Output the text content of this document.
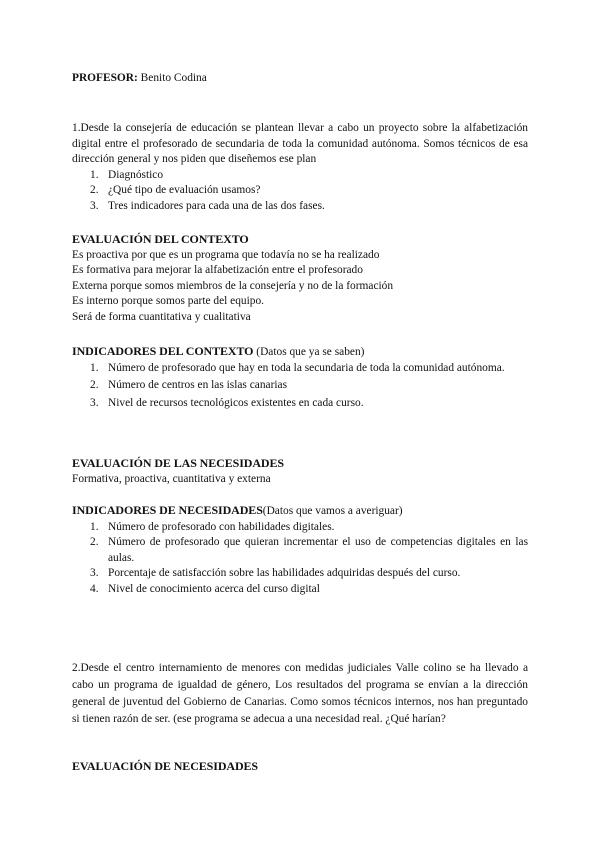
PROFESOR: Benito Codina

1.Desde la consejería de educación se plantean llevar a cabo un proyecto sobre la alfabetización digital entre el profesorado de secundaria de toda la comunidad autónoma. Somos técnicos de esa dirección general y nos piden que diseñemos ese plan

1. Diagnóstico
2. ¿Qué tipo de evaluación usamos?
3. Tres indicadores para cada una de las dos fases.

EVALUACIÓN DEL CONTEXTO

Es proactiva por que es un programa que todavía no se ha realizado

Es formativa para mejorar la alfabetización entre el profesorado

Externa porque somos miembros de la consejería y no de la formación

Es interno porque somos parte del equipo.

Será de forma cuantitativa y cualitativa

INDICADORES DEL CONTEXTO (Datos que ya se saben)

1. Número de profesorado que hay en toda la secundaria de toda la comunidad autónoma.
2. Número de centros en las islas canarias
3. Nivel de recursos tecnológicos existentes en cada curso.

EVALUACIÓN DE LAS NECESIDADES

Formativa, proactiva, cuantitativa y externa

INDICADORES DE NECESIDADES(Datos que vamos a averiguar)

1. Número de profesorado con habilidades digitales.
2. Número de profesorado que quieran incrementar el uso de competencias digitales en las aulas.
3. Porcentaje de satisfacción sobre las habilidades adquiridas después del curso.
4. Nivel de conocimiento acerca del curso digital

2.Desde el centro internamiento de menores con medidas judiciales Valle colino se ha llevado a cabo un programa de igualdad de género, Los resultados del programa se envían a la dirección general de juventud del Gobierno de Canarias. Como somos técnicos internos, nos han preguntado si tienen razón de ser. (ese programa se adecua a una necesidad real. ¿Qué harían?

EVALUACIÓN DE NECESIDADES
